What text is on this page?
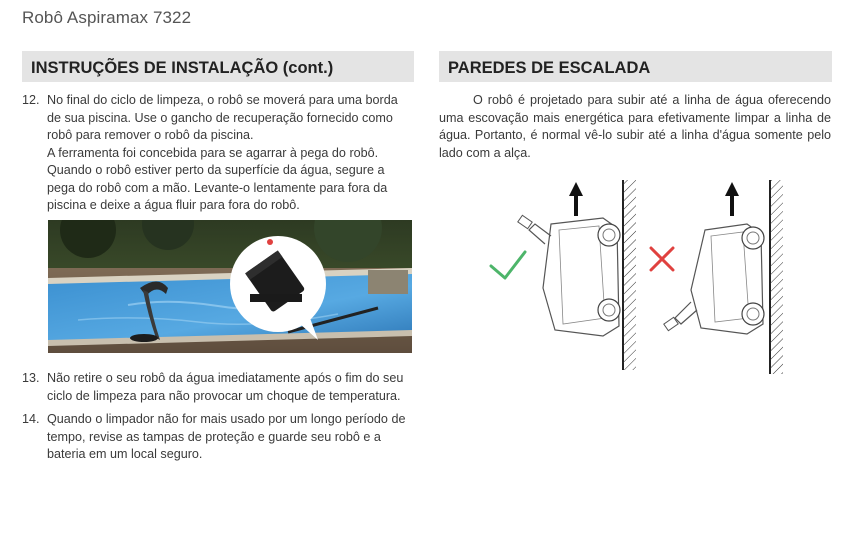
Robô Aspiramax 7322
INSTRUÇÕES DE INSTALAÇÃO (cont.)	PAREDES DE ESCALADA
12. No final do ciclo de limpeza, o robô se moverá para uma borda de sua piscina. Use o gancho de recuperação fornecido como robô para remover o robô da piscina.

A ferramenta foi concebida para se agarrar à pega do robô. Quando o robô estiver perto da superfície da água, segure a pega do robô com a mão. Levante-o lentamente para fora da piscina e deixe a água fluir para fora do robô.

13. Não retire o seu robô da água imediatamente após o fim do seu ciclo de limpeza para não provocar um choque de temperatura.

14. Quando o limpador não for mais usado por um longo período de tempo, revise as tampas de proteção e guarde seu robô e a bateria em um local seguro.

O robô é projetado para subir até a linha de água oferecendo uma escovação mais energética para efetivamente limpar a linha de água. Portanto, é normal vê-lo subir até a linha d'água somente pelo lado com a alça.
